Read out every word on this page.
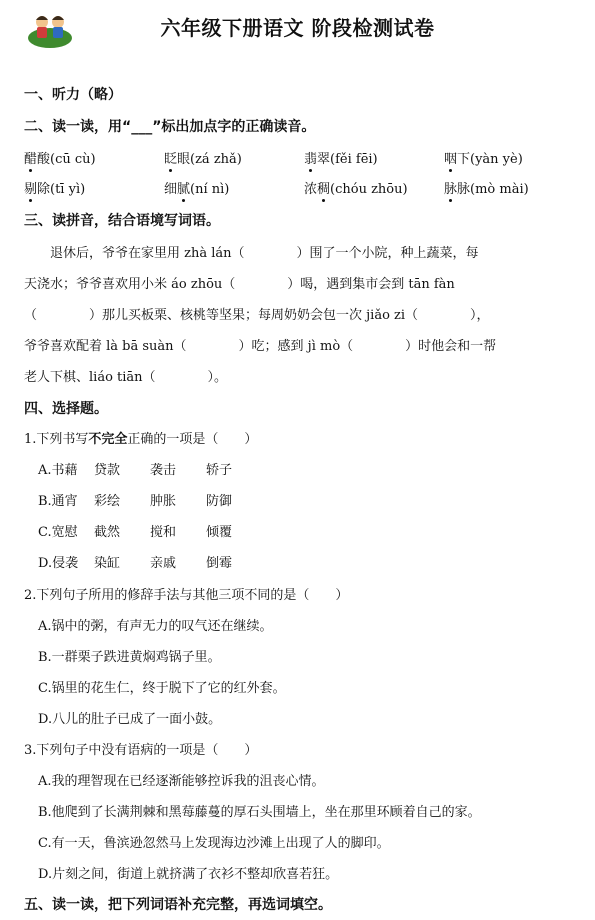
六年级下册语文 阶段检测试卷
一、听力（略）
二、读一读，用“___”标出加点字的正确读音。
醋酸(cū cù)	眨眼(zá zhǎ)	翡翠(fěi fēi)	咽下(yàn yè)
剔除(tī yì)	细腻(ní nì)	浓稠(chóu zhōu)	脉脉(mò mài)
三、读拼音，结合语境写词语。
　　退休后，爷爷在家里用 zhà lán（　　　　）围了一个小院，种上蔬菜，每
天浇水；爷爷喜欢用小米 áo zhōu（　　　　）喝，遇到集市会到 tān fàn
（　　　　）那儿买板栗、核桃等坚果；每周奶奶会包一次 jiǎo zi（　　　　），
爷爷喜欢配着 là bā suàn（　　　　）吃；感到 jì mò（　　　　）时他会和一帮
老人下棋、liáo tiān（　　　　）。
四、选择题。
1.下列书写不完全正确的一项是（　　）
A.书藉 贷款 袭击 轿子
B.通宵 彩绘 肿胀 防御
C.宽慰 截然 搅和 倾覆
D.侵袭 染缸 亲戚 倒霉
2.下列句子所用的修辞手法与其他三项不同的是（　　）
A.锅中的粥，有声无力的叹气还在继续。
B.一群栗子跌进黄焖鸡锅子里。
C.锅里的花生仁，终于脱下了它的红外套。
D.八儿的肚子已成了一面小鼓。
3.下列句子中没有语病的一项是（　　）
A.我的理智现在已经逐渐能够控诉我的沮丧心情。
B.他爬到了长满荆棘和黑莓藤蔓的厚石头围墙上，坐在那里环顾着自己的家。
C.有一天，鲁滨逊忽然马上发现海边沙滩上出现了人的脚印。
D.片刻之间，街道上就挤满了衣衫不整却欣喜若狂。
五、读一读，把下列词语补充完整，再选词填空。
